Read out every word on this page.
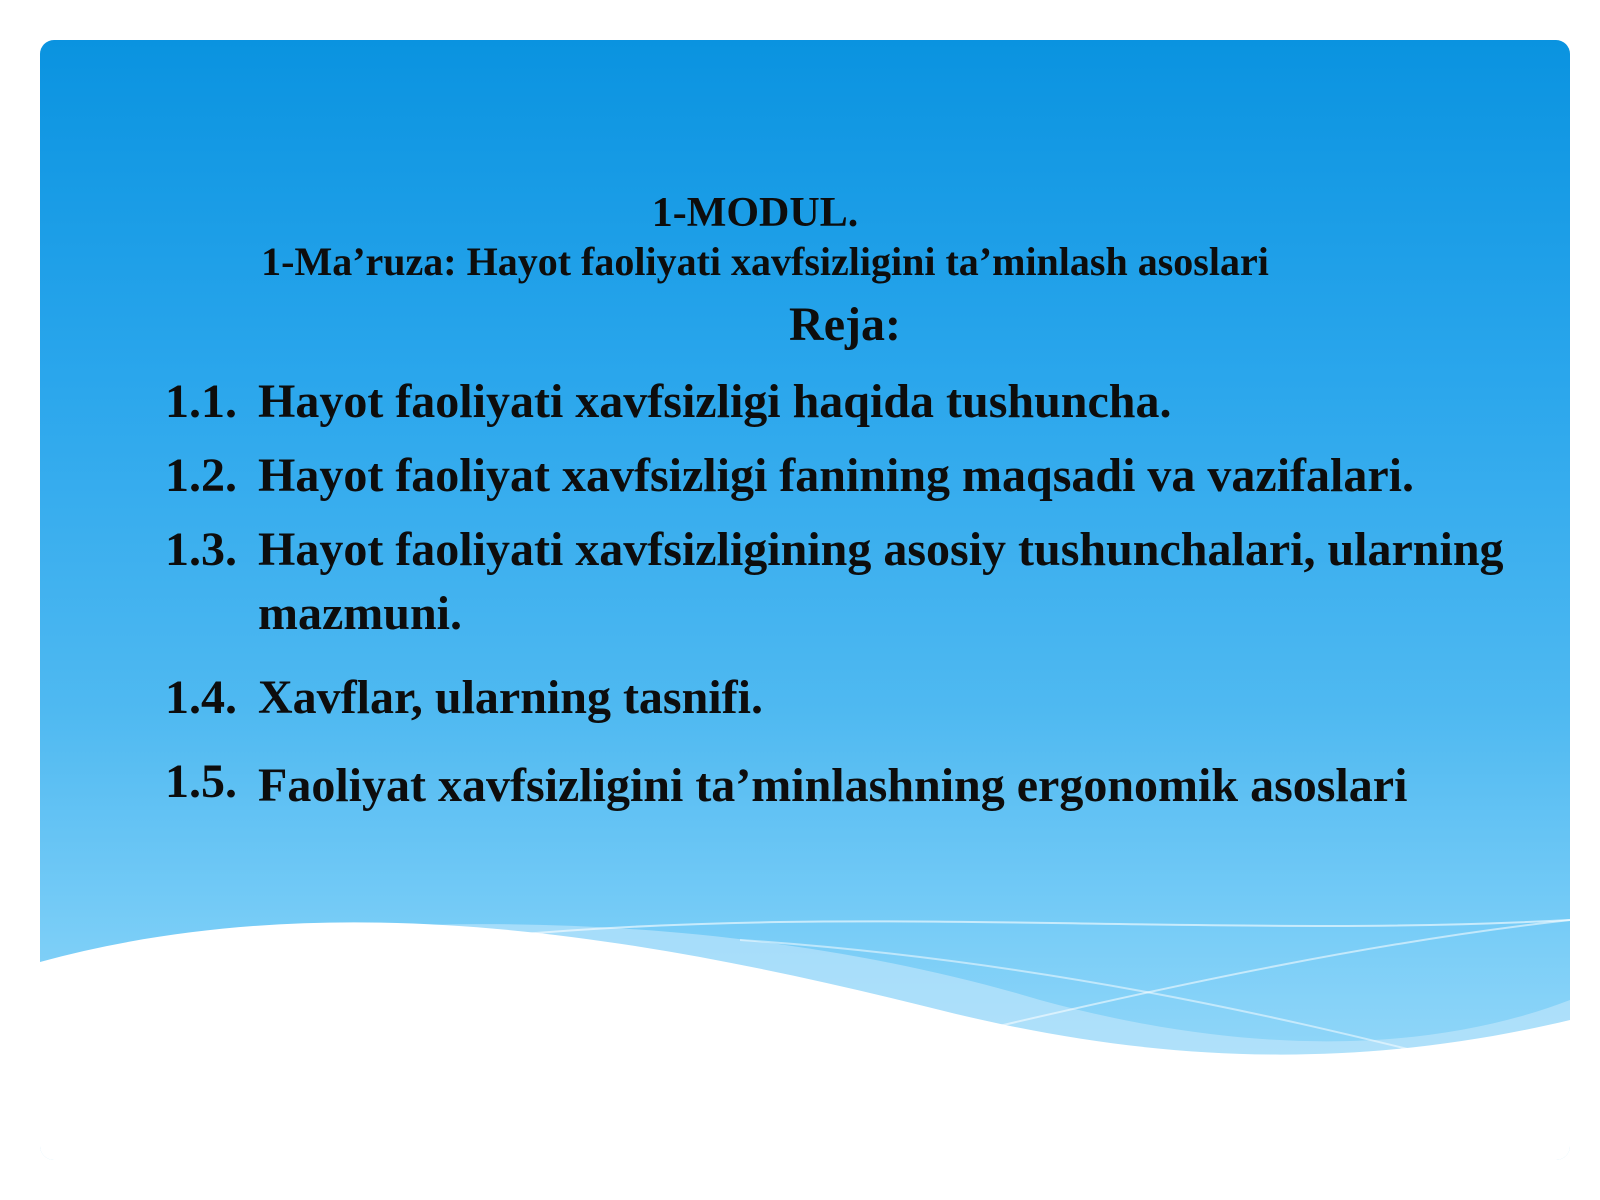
1-MODUL.
1-Ma’ruza: Hayot faoliyati xavfsizligini ta’minlash asoslari
Reja:
1.1. Hayot faoliyati xavfsizligi haqida tushuncha.
1.2. Hayot faoliyat xavfsizligi fanining maqsadi va vazifalari.
1.3. Hayot faoliyati xavfsizligining asosiy tushunchalari, ularning mazmuni.
1.4. Xavflar, ularning tasnifi.
1.5. Faoliyat xavfsizligini ta’minlashning ergonomik asoslari
